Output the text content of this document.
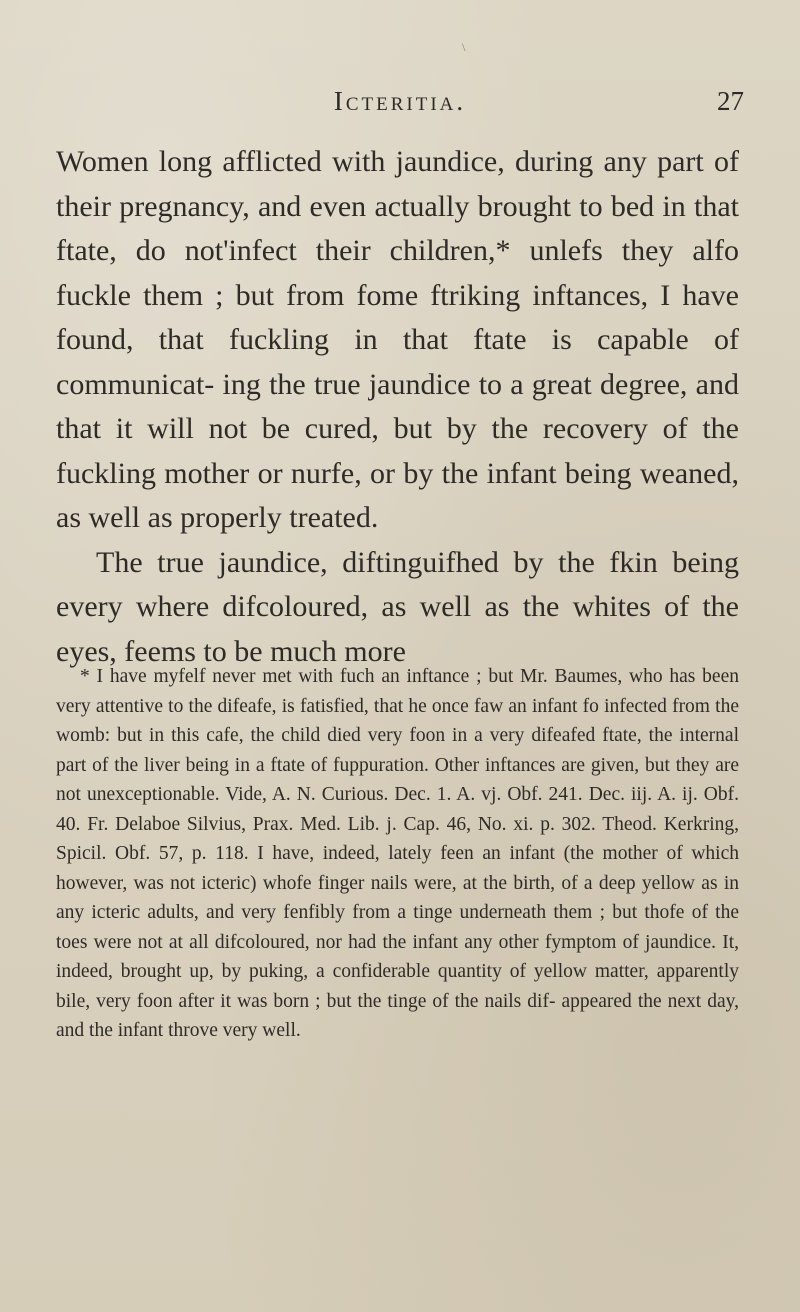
\
Icteritia.	27

Women long afflicted with jaundice, during any part of their pregnancy, and even actually brought to bed in that ftate, do not'infect their children,* unlefs they alfo fuckle them ; but from fome ftriking inftances, I have found, that fuckling in that ftate is capable of communicat- ing the true jaundice to a great degree, and that it will not be cured, but by the recovery of the fuckling mother or nurfe, or by the infant being weaned, as well as properly treated.

The true jaundice, diftinguifhed by the fkin being every where difcoloured, as well as the whites of the eyes, feems to be much more

* I have myfelf never met with fuch an inftance ; but Mr. Baumes, who has been very attentive to the difeafe, is fatisfied, that he once faw an infant fo infected from the womb: but in this cafe, the child died very foon in a very difeafed ftate, the internal part of the liver being in a ftate of fuppuration. Other inftances are given, but they are not unexceptionable. Vide, A. N. Curious. Dec. 1. A. vj. Obf. 241. Dec. iij. A. ij. Obf. 40. Fr. Delaboe Silvius, Prax. Med. Lib. j. Cap. 46, No. xi. p. 302. Theod. Kerkring, Spicil. Obf. 57, p. 118. I have, indeed, lately feen an infant (the mother of which however, was not icteric) whofe finger nails were, at the birth, of a deep yellow as in any icteric adults, and very fenfibly from a tinge underneath them ; but thofe of the toes were not at all difcoloured, nor had the infant any other fymptom of jaundice. It, indeed, brought up, by puking, a confiderable quantity of yellow matter, apparently bile, very foon after it was born ; but the tinge of the nails dif- appeared the next day, and the infant throve very well.
